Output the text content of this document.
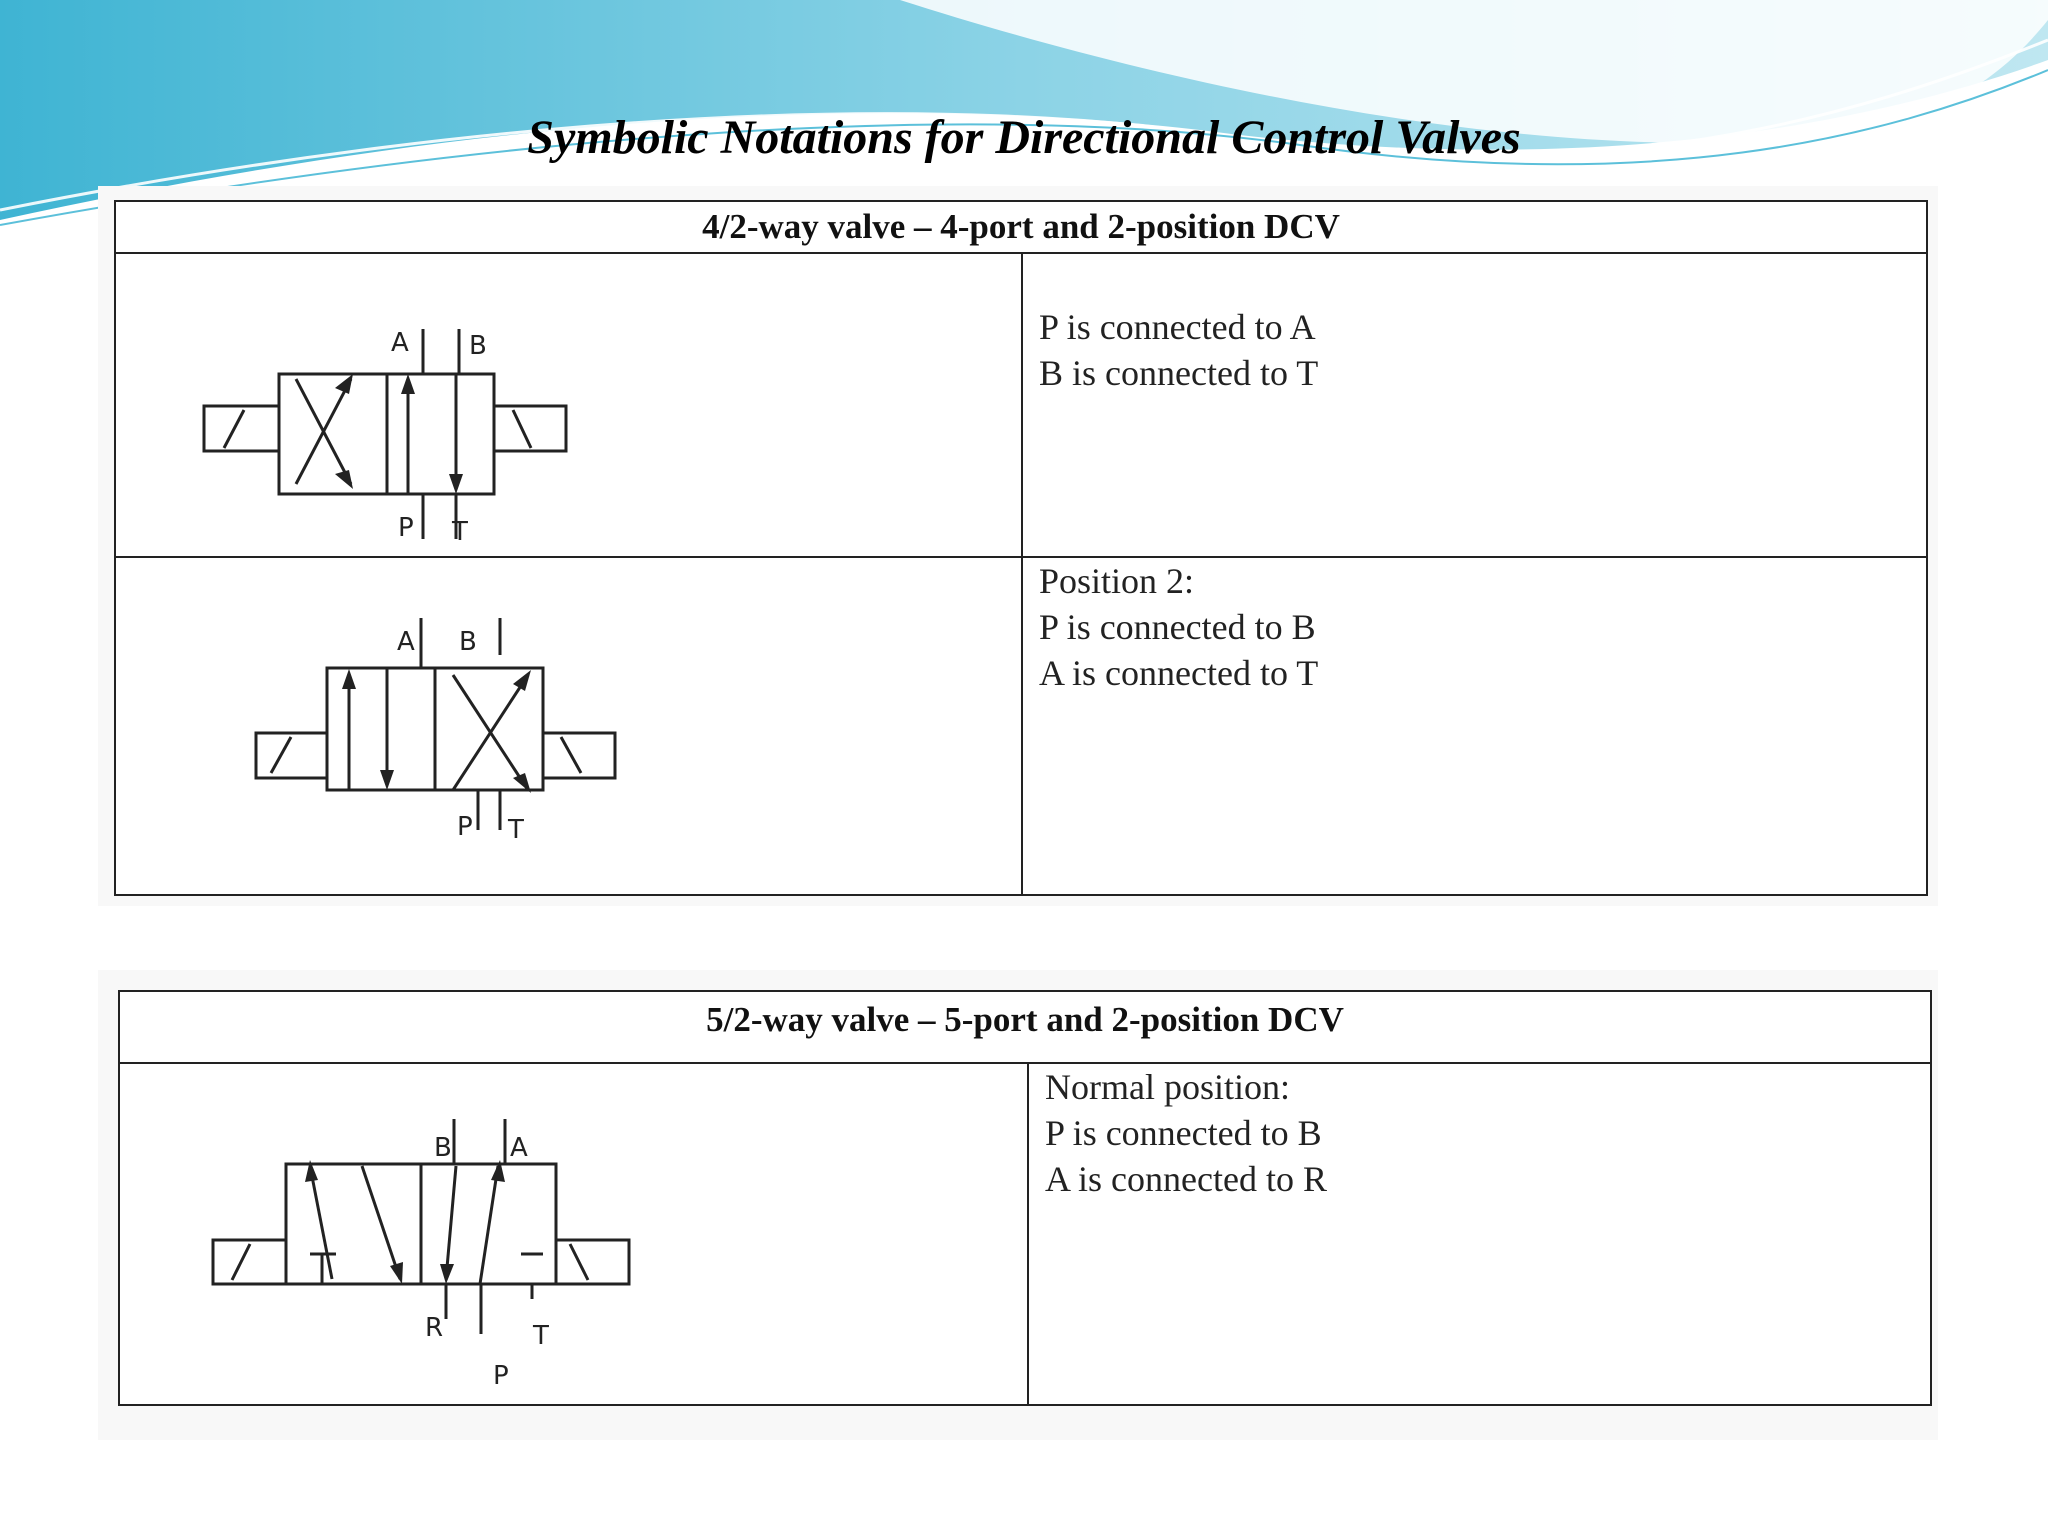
Symbolic Notations for Directional Control Valves
4/2-way valve – 4-port and 2-position DCV
A B
P T
P is connected to A
B is connected to T
A B
P T
Position 2:
P is connected to B
A is connected to T
5/2-way valve – 5-port and 2-position DCV
B A
R	T
P
Normal position:
P is connected to B
A is connected to R
